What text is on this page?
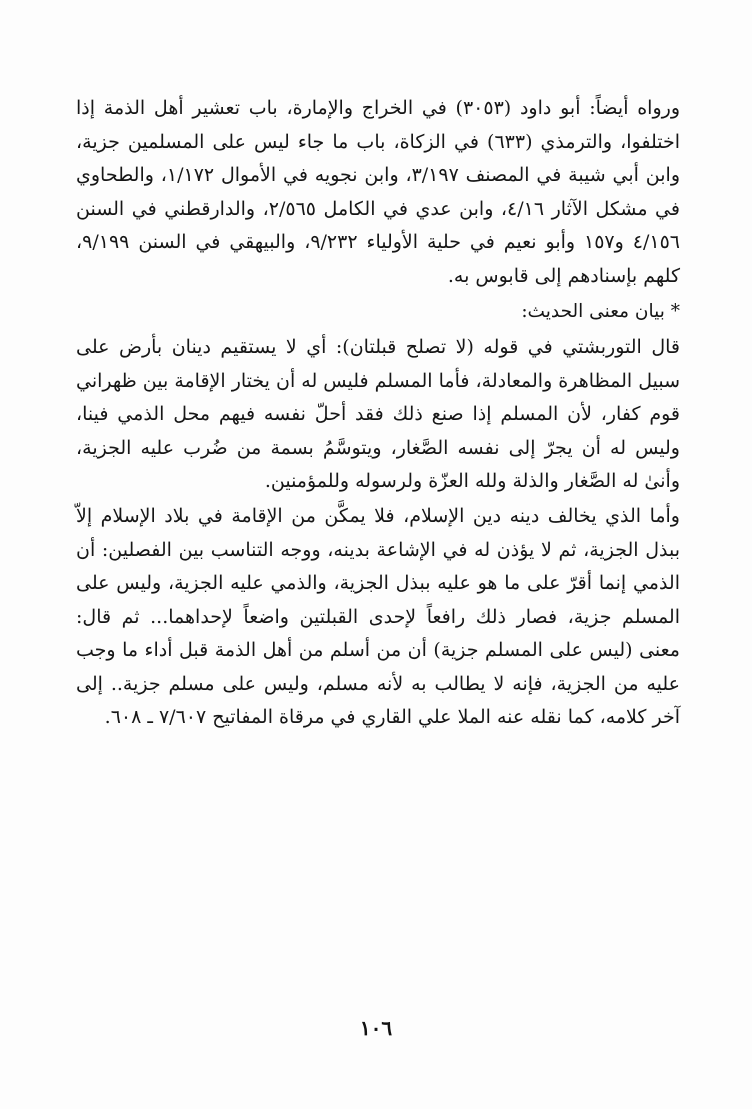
ورواه أيضاً: أبو داود (٣٠٥٣) في الخراج والإمارة، باب تعشير أهل الذمة إذا اختلفوا، والترمذي (٦٣٣) في الزكاة، باب ما جاء ليس على المسلمين جزية، وابن أبي شيبة في المصنف ٣/١٩٧، وابن نجويه في الأموال ١/١٧٢، والطحاوي في مشكل الآثار ٤/١٦، وابن عدي في الكامل ٢/٥٦٥، والدارقطني في السنن ٤/١٥٦ و١٥٧ وأبو نعيم في حلية الأولياء ٩/٢٣٢، والبيهقي في السنن ٩/١٩٩، كلهم بإسنادهم إلى قابوس به.

* بيان معنى الحديث:

قال التوربشتي في قوله (لا تصلح قبلتان): أي لا يستقيم دينان بأرض على سبيل المظاهرة والمعادلة، فأما المسلم فليس له أن يختار الإقامة بين ظهراني قوم كفار، لأن المسلم إذا صنع ذلك فقد أحلّ نفسه فيهم محل الذمي فينا، وليس له أن يجرّ إلى نفسه الصَّغار، ويتوسَّمُ بسمة من ضُرب عليه الجزية، وأنىٰ له الصَّغار والذلة ولله العزّة ولرسوله وللمؤمنين.

وأما الذي يخالف دينه دين الإسلام، فلا يمكَّن من الإقامة في بلاد الإسلام إلاّ ببذل الجزية، ثم لا يؤذن له في الإشاعة بدينه، ووجه التناسب بين الفصلين: أن الذمي إنما أقرّ على ما هو عليه ببذل الجزية، والذمي عليه الجزية، وليس على المسلم جزية، فصار ذلك رافعاً لإحدى القبلتين واضعاً لإحداهما... ثم قال: معنى (ليس على المسلم جزية) أن من أسلم من أهل الذمة قبل أداء ما وجب عليه من الجزية، فإنه لا يطالب به لأنه مسلم، وليس على مسلم جزية.. إلى آخر كلامه، كما نقله عنه الملا علي القاري في مرقاة المفاتيح ٧/٦٠٧ ـ ٦٠٨.

١٠٦
